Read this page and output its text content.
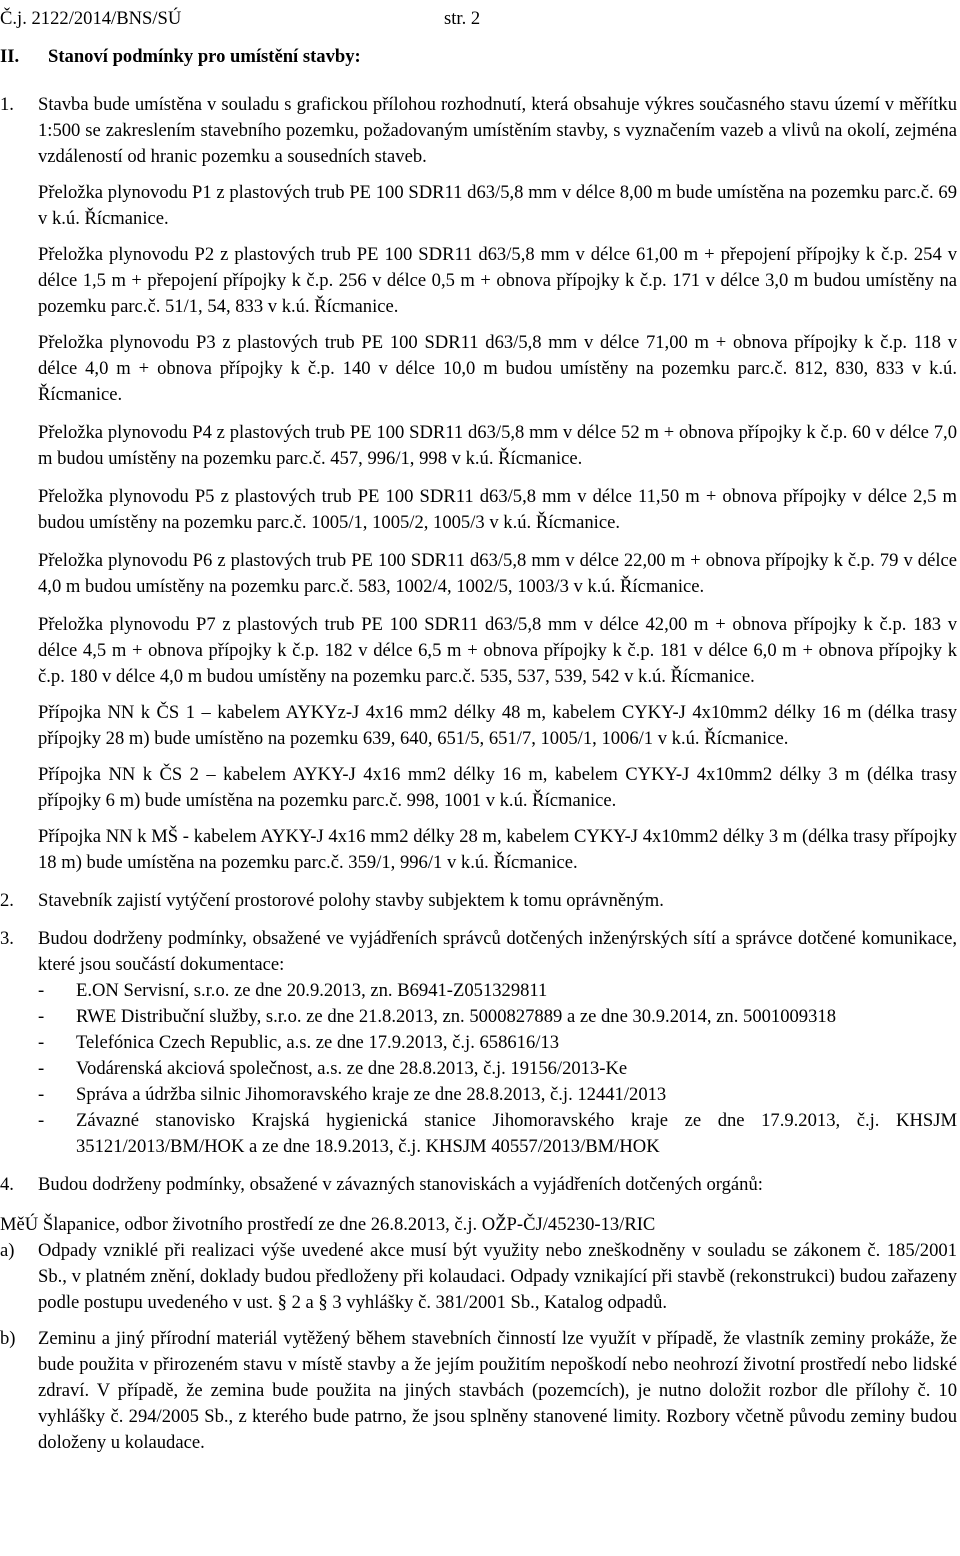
Č.j. 2122/2014/BNS/SÚ	str. 2
II. Stanoví podmínky pro umístění stavby:
1. Stavba bude umístěna v souladu s grafickou přílohou rozhodnutí, která obsahuje výkres současného stavu území v měřítku 1:500 se zakreslením stavebního pozemku, požadovaným umístěním stavby, s vyznačením vazeb a vlivů na okolí, zejména vzdáleností od hranic pozemku a sousedních staveb.

Přeložka plynovodu P1 z plastových trub PE 100 SDR11 d63/5,8 mm v délce 8,00 m bude umístěna na pozemku parc.č. 69 v k.ú. Řícmanice.

Přeložka plynovodu P2 z plastových trub PE 100 SDR11 d63/5,8 mm v délce 61,00 m + přepojení přípojky k č.p. 254 v délce 1,5 m + přepojení přípojky k č.p. 256 v délce 0,5 m + obnova přípojky k č.p. 171 v délce 3,0 m budou umístěny na pozemku parc.č. 51/1, 54, 833 v k.ú. Řícmanice.

Přeložka plynovodu P3 z plastových trub PE 100 SDR11 d63/5,8 mm v délce 71,00 m + obnova přípojky k č.p. 118 v délce 4,0 m + obnova přípojky k č.p. 140 v délce 10,0 m budou umístěny na pozemku parc.č. 812, 830, 833 v k.ú. Řícmanice.

Přeložka plynovodu P4 z plastových trub PE 100 SDR11 d63/5,8 mm v délce 52 m + obnova přípojky k č.p. 60 v délce 7,0 m budou umístěny na pozemku parc.č. 457, 996/1, 998 v k.ú. Řícmanice.

Přeložka plynovodu P5 z plastových trub PE 100 SDR11 d63/5,8 mm v délce 11,50 m + obnova přípojky v délce 2,5 m budou umístěny na pozemku parc.č. 1005/1, 1005/2, 1005/3 v k.ú. Řícmanice.

Přeložka plynovodu P6 z plastových trub PE 100 SDR11 d63/5,8 mm v délce 22,00 m + obnova přípojky k č.p. 79 v délce 4,0 m budou umístěny na pozemku parc.č. 583, 1002/4, 1002/5, 1003/3 v k.ú. Řícmanice.

Přeložka plynovodu P7 z plastových trub PE 100 SDR11 d63/5,8 mm v délce 42,00 m + obnova přípojky k č.p. 183 v délce 4,5 m + obnova přípojky k č.p. 182 v délce 6,5 m + obnova přípojky k č.p. 181 v délce 6,0 m + obnova přípojky k č.p. 180 v délce 4,0 m budou umístěny na pozemku parc.č. 535, 537, 539, 542 v k.ú. Řícmanice.

Přípojka NN k ČS 1 – kabelem AYKYz-J 4x16 mm2 délky 48 m, kabelem CYKY-J 4x10mm2 délky 16 m (délka trasy přípojky 28 m) bude umístěno na pozemku 639, 640, 651/5, 651/7, 1005/1, 1006/1 v k.ú. Řícmanice.

Přípojka NN k ČS 2 – kabelem AYKY-J 4x16 mm2 délky 16 m, kabelem CYKY-J 4x10mm2 délky 3 m (délka trasy přípojky 6 m) bude umístěna na pozemku parc.č. 998, 1001 v k.ú. Řícmanice.

Přípojka NN k MŠ - kabelem AYKY-J 4x16 mm2 délky 28 m, kabelem CYKY-J 4x10mm2 délky 3 m (délka trasy přípojky 18 m) bude umístěna na pozemku parc.č. 359/1, 996/1 v k.ú. Řícmanice.

2. Stavebník zajistí vytýčení prostorové polohy stavby subjektem k tomu oprávněným.

3. Budou dodrženy podmínky, obsažené ve vyjádřeních správců dotčených inženýrských sítí a správce dotčené komunikace, které jsou součástí dokumentace:

- E.ON Servisní, s.r.o. ze dne 20.9.2013, zn. B6941-Z051329811
- RWE Distribuční služby, s.r.o. ze dne 21.8.2013, zn. 5000827889 a ze dne 30.9.2014, zn. 5001009318
- Telefónica Czech Republic, a.s. ze dne 17.9.2013, č.j. 658616/13
- Vodárenská akciová společnost, a.s. ze dne 28.8.2013, č.j. 19156/2013-Ke
- Správa a údržba silnic Jihomoravského kraje ze dne 28.8.2013, č.j. 12441/2013
- Závazné stanovisko Krajská hygienická stanice Jihomoravského kraje ze dne 17.9.2013, č.j. KHSJM 35121/2013/BM/HOK a ze dne 18.9.2013, č.j. KHSJM 40557/2013/BM/HOK
4. Budou dodrženy podmínky, obsažené v závazných stanoviskách a vyjádřeních dotčených orgánů:

MěÚ Šlapanice, odbor životního prostředí ze dne 26.8.2013, č.j. OŽP-ČJ/45230-13/RIC

a) Odpady vzniklé při realizaci výše uvedené akce musí být využity nebo zneškodněny v souladu se zákonem č. 185/2001 Sb., v platném znění, doklady budou předloženy při kolaudaci. Odpady vznikající při stavbě (rekonstrukci) budou zařazeny podle postupu uvedeného v ust. § 2 a § 3 vyhlášky č. 381/2001 Sb., Katalog odpadů.

b) Zeminu a jiný přírodní materiál vytěžený během stavebních činností lze využít v případě, že vlastník zeminy prokáže, že bude použita v přirozeném stavu v místě stavby a že jejím použitím nepoškodí nebo neohrozí životní prostředí nebo lidské zdraví. V případě, že zemina bude použita na jiných stavbách (pozemcích), je nutno doložit rozbor dle přílohy č. 10 vyhlášky č. 294/2005 Sb., z kterého bude patrno, že jsou splněny stanovené limity. Rozbory včetně původu zeminy budou doloženy u kolaudace.
